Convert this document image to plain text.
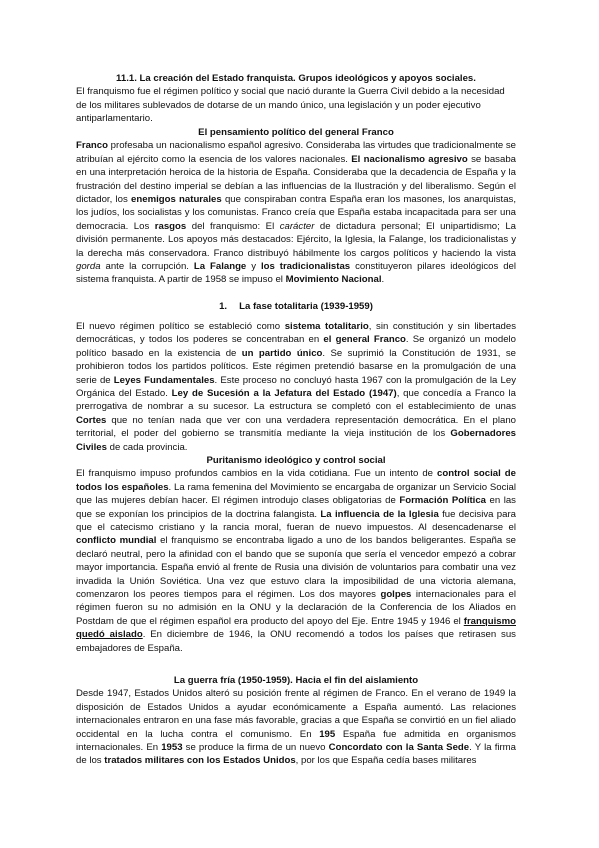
11.1. La creación del Estado franquista. Grupos ideológicos y apoyos sociales.

El franquismo fue el régimen político y social que nació durante la Guerra Civil debido a la necesidad de los militares sublevados de dotarse de un mando único, una legislación y un poder ejecutivo antiparlamentario.

El pensamiento político del general Franco

Franco profesaba un nacionalismo español agresivo. Consideraba las virtudes que tradicionalmente se atribuían al ejército como la esencia de los valores nacionales. El nacionalismo agresivo se basaba en una interpretación heroica de la historia de España. Consideraba que la decadencia de España y la frustración del destino imperial se debían a las influencias de la Ilustración y del liberalismo. Según el dictador, los enemigos naturales que conspiraban contra España eran los masones, los anarquistas, los judíos, los socialistas y los comunistas. Franco creía que España estaba incapacitada para ser una democracia. Los rasgos del franquismo: El carácter de dictadura personal; El unipartidismo; La división permanente. Los apoyos más destacados: Ejército, la Iglesia, la Falange, los tradicionalistas y la derecha más conservadora. Franco distribuyó hábilmente los cargos políticos y haciendo la vista gorda ante la corrupción. La Falange y los tradicionalistas constituyeron pilares ideológicos del sistema franquista. A partir de 1958 se impuso el Movimiento Nacional.

1. La fase totalitaria (1939-1959)

El nuevo régimen político se estableció como sistema totalitario, sin constitución y sin libertades democráticas, y todos los poderes se concentraban en el general Franco. Se organizó un modelo político basado en la existencia de un partido único. Se suprimió la Constitución de 1931, se prohibieron todos los partidos políticos. Este régimen pretendió basarse en la promulgación de una serie de Leyes Fundamentales. Este proceso no concluyó hasta 1967 con la promulgación de la Ley Orgánica del Estado. Ley de Sucesión a la Jefatura del Estado (1947), que concedía a Franco la prerrogativa de nombrar a su sucesor. La estructura se completó con el establecimiento de unas Cortes que no tenían nada que ver con una verdadera representación democrática. En el plano territorial, el poder del gobierno se transmitía mediante la vieja institución de los Gobernadores Civiles de cada provincia.

Puritanismo ideológico y control social

El franquismo impuso profundos cambios en la vida cotidiana. Fue un intento de control social de todos los españoles. La rama femenina del Movimiento se encargaba de organizar un Servicio Social que las mujeres debían hacer. El régimen introdujo clases obligatorias de Formación Política en las que se exponían los principios de la doctrina falangista. La influencia de la Iglesia fue decisiva para que el catecismo cristiano y la rancia moral, fueran de nuevo impuestos. Al desencadenarse el conflicto mundial el franquismo se encontraba ligado a uno de los bandos beligerantes. España se declaró neutral, pero la afinidad con el bando que se suponía que sería el vencedor empezó a cobrar mayor importancia. España envió al frente de Rusia una división de voluntarios para combatir una vez invadida la Unión Soviética. Una vez que estuvo clara la imposibilidad de una victoria alemana, comenzaron los peores tiempos para el régimen. Los dos mayores golpes internacionales para el régimen fueron su no admisión en la ONU y la declaración de la Conferencia de los Aliados en Postdam de que el régimen español era producto del apoyo del Eje. Entre 1945 y 1946 el franquismo quedó aislado. En diciembre de 1946, la ONU recomendó a todos los países que retirasen sus embajadores de España.

La guerra fría (1950-1959). Hacia el fin del aislamiento

Desde 1947, Estados Unidos alteró su posición frente al régimen de Franco. En el verano de 1949 la disposición de Estados Unidos a ayudar económicamente a España aumentó. Las relaciones internacionales entraron en una fase más favorable, gracias a que España se convirtió en un fiel aliado occidental en la lucha contra el comunismo. En 195 España fue admitida en organismos internacionales. En 1953 se produce la firma de un nuevo Concordato con la Santa Sede. Y la firma de los tratados militares con los Estados Unidos, por los que España cedía bases militares
